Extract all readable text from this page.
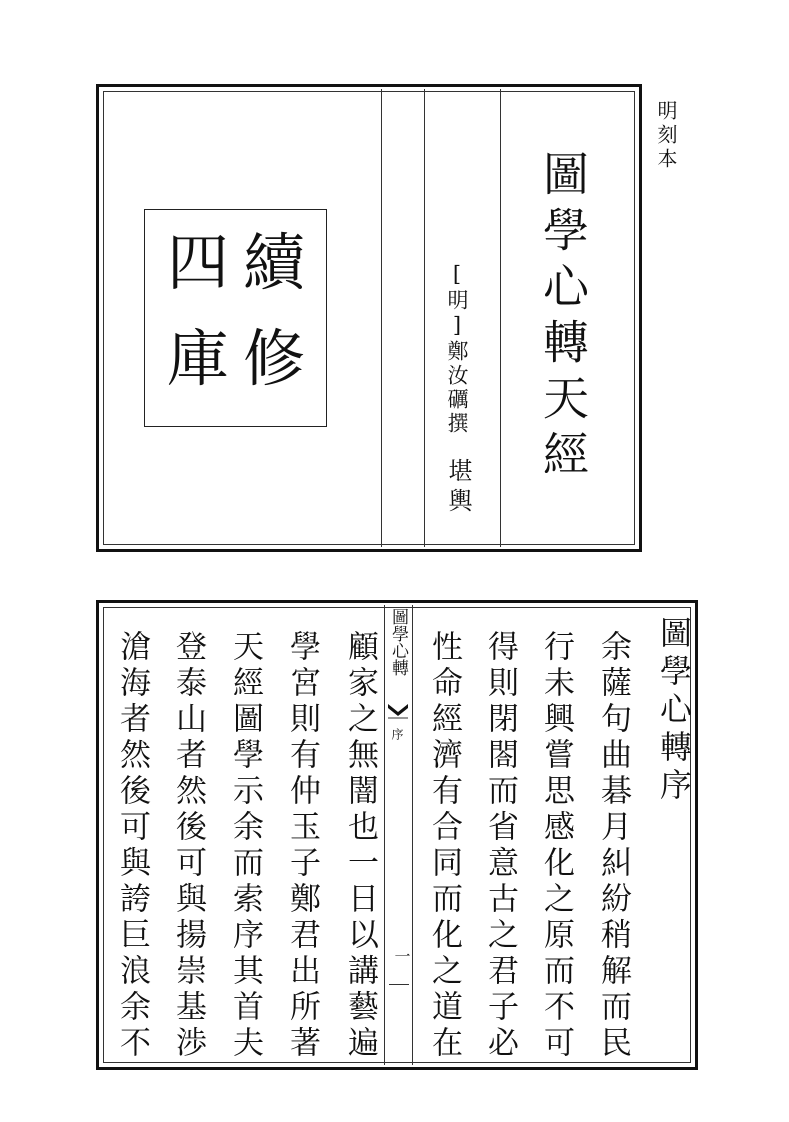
明刻本
圖學心轉天經
[明]鄭汝礪撰
堪輿
續
修
四
庫
圖學心轉
序
一
圖學心轉序
余薩句曲碁月糾紛稍解而民
行未興嘗思感化之原而不可
得則閉閤而省意古之君子必
性命經濟有合同而化之道在
顧家之無闇也一日以講藝遍
學宮則有仲玉子鄭君出所著
天經圖學示余而索序其首夫
登泰山者然後可與揚崇基渉
滄海者然後可與誇巨浪余不
